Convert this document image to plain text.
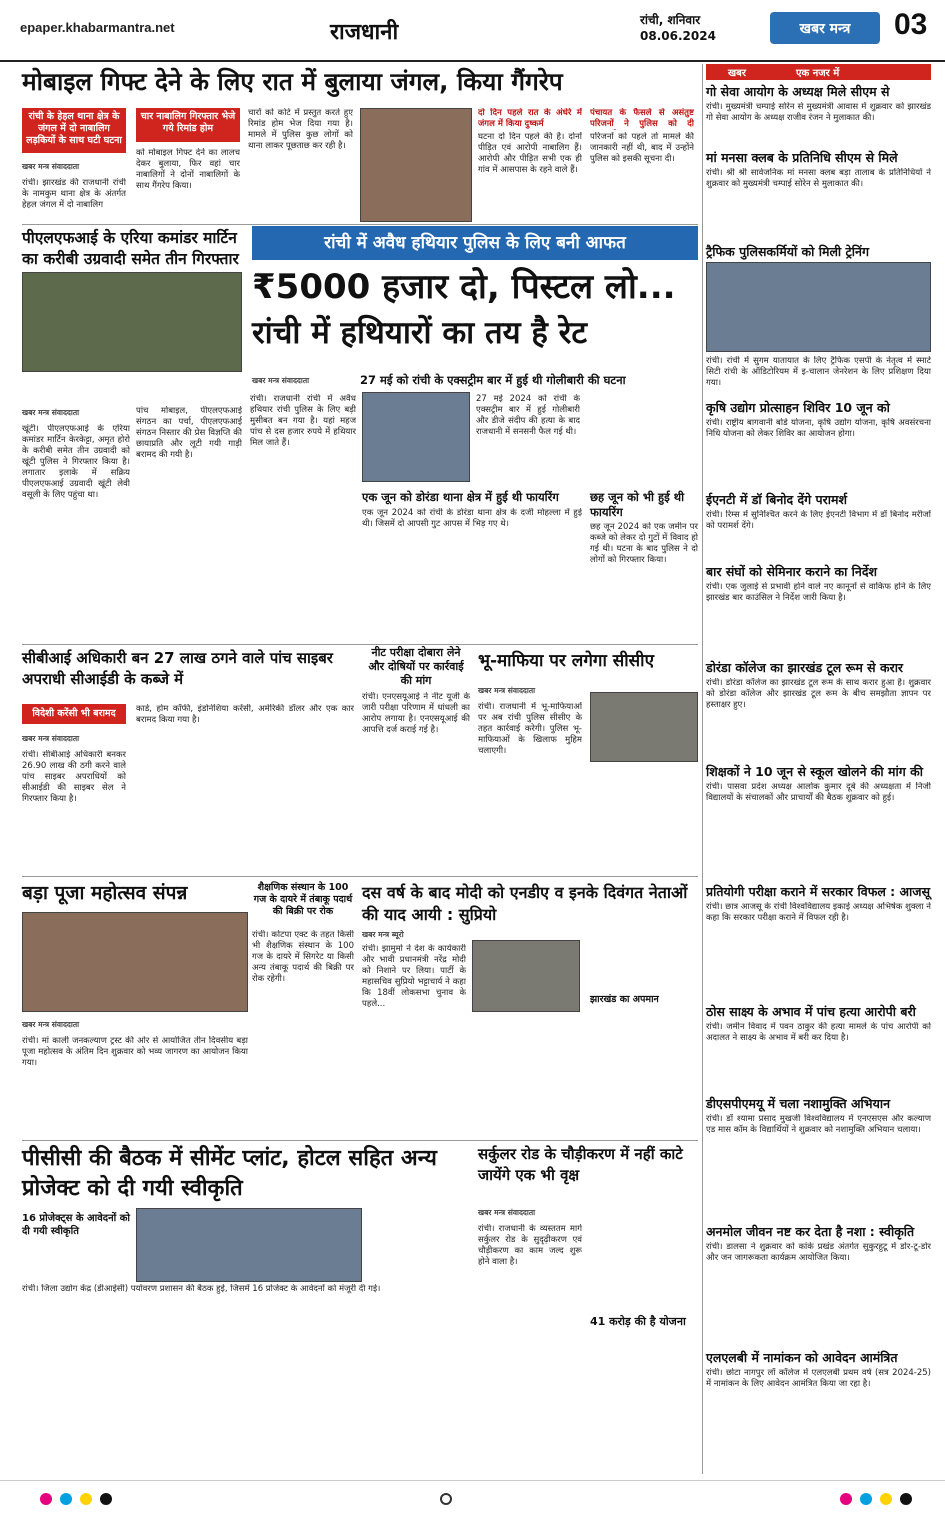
epaper.khabarmantra.net	राजधानी	रांची, शनिवार
08.06.2024	खबर मन्त्र 03
मोबाइल गिफ्ट देने के लिए रात में बुलाया जंगल, किया गैंगरेप
रांची के हेहल थाना क्षेत्र के जंगल में दो नाबालिग लड़कियों के साथ घटी घटना
चार नाबालिग गिरफ्तार भेजे गये रिमांड होम
खबर मन्त्र संवाददाता
रांची। झारखंड की राजधानी रांची के नामकुम थाना क्षेत्र के अंतर्गत हेहल जंगल में दो नाबालिग
को मोबाइल गिफ्ट देने का लालच देकर बुलाया, फिर वहां चार नाबालिगों ने दोनों नाबालिगों के साथ गैंगरेप किया।
चारों को कोर्ट में प्रस्तुत करते हुए रिमांड होम भेज दिया गया है। मामले में पुलिस कुछ लोगों को थाना लाकर पूछताछ कर रही है।
दो दिन पहले रात के अंधेरे में जंगल में किया दुष्कर्म
घटना दो दिन पहले की है। दोनों पीड़ित एवं आरोपी नाबालिग हैं। आरोपी और पीड़ित सभी एक ही गांव में आसपास के रहने वाले हैं।
पंचायत के फैसले से असंतुष्ट परिजनों ने पुलिस को दी
परिजनों को पहले तो मामले की जानकारी नहीं थी, बाद में उन्होंने पुलिस को इसकी सूचना दी।
पीएलएफआई के एरिया कमांडर मार्टिन का करीबी उग्रवादी समेत तीन गिरफ्तार
खबर मन्त्र संवाददाता
खूंटी। पीएलएफआई के एरिया कमांडर मार्टिन केरकेट्टा, अमृत होरो के करीबी समेत तीन उग्रवादी को खूंटी पुलिस ने गिरफ्तार किया है। लगातार इलाके में सक्रिय पीएलएफआई उग्रवादी खूंटी लेवी वसूली के लिए पहुंचा था।
पांच मोबाइल, पीएलएफआई संगठन का पर्चा, पीएलएफआई संगठन निस्तार की प्रेस विज्ञप्ति की छायाप्रति और लूटी गयी गाड़ी बरामद की गयी है।
रांची में अवैध हथियार पुलिस के लिए बनी आफत
₹5000 हजार दो, पिस्टल लो...
रांची में हथियारों का तय है रेट
खबर मन्त्र संवाददाता	27 मई को रांची के एक्सट्रीम बार में हुई थी गोलीबारी की घटना
रांची। राजधानी रांची में अवैध हथियार रांची पुलिस के लिए बड़ी मुसीबत बन गया है। यहां महज पांच से दस हजार रुपये में हथियार मिल जाते हैं।
27 मई 2024 को रांची के एक्सट्रीम बार में हुई गोलीबारी और डीजे संदीप की हत्या के बाद राजधानी में सनसनी फैल गई थी।
एक जून को डोरंडा थाना क्षेत्र में हुई थी फायरिंग
एक जून 2024 को रांची के डोरंडा थाना क्षेत्र के दर्जी मोहल्ला में हुई थी। जिसमें दो आपसी गुट आपस में भिड़ गए थे।
छह जून को भी हुई थी फायरिंग
छह जून 2024 को एक जमीन पर कब्जे को लेकर दो गुटों में विवाद हो गई थी। घटना के बाद पुलिस ने दो लोगों को गिरफ्तार किया।
सीबीआई अधिकारी बन 27 लाख ठगने वाले पांच साइबर अपराधी सीआईडी के कब्जे में
विदेशी करेंसी भी बरामद
खबर मन्त्र संवाददाता
रांची। सीबीआई अधिकारी बनकर 26.90 लाख की ठगी करने वाले पांच साइबर अपराधियों को सीआईडी की साइबर सेल ने गिरफ्तार किया है।
कार्ड, होम कॉफी, इंडोनेशिया करेंसी, अमेरिकी डॉलर और एक कार बरामद किया गया है।
नीट परीक्षा दोबारा लेने और दोषियों पर कार्रवाई की मांग
रांची। एनएसयूआई ने नीट यूजी के जारी परीक्षा परिणाम में धांधली का आरोप लगाया है। एनएसयूआई की आपत्ति दर्ज कराई गई है।
भू-माफिया पर लगेगा सीसीए
खबर मन्त्र संवाददाता
रांची। राजधानी में भू-माफियाओं पर अब रांची पुलिस सीसीए के तहत कार्रवाई करेगी। पुलिस भू-माफियाओं के खिलाफ मुहिम चलाएगी।
बड़ा पूजा महोत्सव संपन्न
खबर मन्त्र संवाददाता
रांची। मां काली जनकल्याण ट्रस्ट की ओर से आयोजित तीन दिवसीय बड़ा पूजा महोत्सव के अंतिम दिन शुक्रवार को भव्य जागरण का आयोजन किया गया।
शैक्षणिक संस्थान के 100 गज के दायरे में तंबाकू पदार्थ की बिक्री पर रोक
रांची। कोटपा एक्ट के तहत किसी भी शैक्षणिक संस्थान के 100 गज के दायरे में सिगरेट या किसी अन्य तंबाकू पदार्थ की बिक्री पर रोक रहेगी।
दस वर्ष के बाद मोदी को एनडीए व इनके दिवंगत नेताओं की याद आयी : सुप्रियो
खबर मन्त्र ब्यूरो
रांची। झामुमो ने देश के कार्यकारी और भावी प्रधानमंत्री नरेंद्र मोदी को निशाने पर लिया। पार्टी के महासचिव सुप्रियो भट्टाचार्य ने कहा कि 18वीं लोकसभा चुनाव के पहले...	झारखंड का अपमान
पीसीसी की बैठक में सीमेंट प्लांट, होटल सहित अन्य प्रोजेक्ट को दी गयी स्वीकृति
16 प्रोजेक्ट्स के आवेदनों को दी गयी स्वीकृति
रांची। जिला उद्योग केंद्र (डीआईसी) पर्यावरण प्रशासन की बैठक हुई, जिसमें 16 प्रोजेक्ट के आवेदनों को मंजूरी दी गई।
सर्कुलर रोड के चौड़ीकरण में नहीं काटे जायेंगे एक भी वृक्ष
खबर मन्त्र संवाददाता
रांची। राजधानी के व्यस्ततम मार्ग सर्कुलर रोड के सुदृढ़ीकरण एवं चौड़ीकरण का काम जल्द शुरू होने वाला है।
41 करोड़ की है योजना
खबर	एक नजर में
गो सेवा आयोग के अध्यक्ष मिले सीएम से
रांची। मुख्यमंत्री चम्पाई सोरेन से मुख्यमंत्री आवास में शुक्रवार को झारखंड गो सेवा आयोग के अध्यक्ष राजीव रंजन ने मुलाकात की।
मां मनसा क्लब के प्रतिनिधि सीएम से मिले
रांची। श्री श्री सार्वजनिक मां मनसा क्लब बड़ा तालाब के प्रतिनिधियों ने शुक्रवार को मुख्यमंत्री चम्पाई सोरेन से मुलाकात की।
ट्रैफिक पुलिसकर्मियों को मिली ट्रेनिंग
रांची। रांची में सुगम यातायात के लिए ट्रैफिक एसपी के नेतृत्व में स्मार्ट सिटी रांची के ऑडिटोरियम में इ-चालान जेनरेशन के लिए प्रशिक्षण दिया गया।
कृषि उद्योग प्रोत्साहन शिविर 10 जून को
रांची। राष्ट्रीय बागवानी बोर्ड योजना, कृषि उद्योग योजना, कृषि अवसंरचना निधि योजना को लेकर शिविर का आयोजन होगा।
ईएनटी में डॉ बिनोद देंगे परामर्श
रांची। रिम्स में सुनिश्चित करने के लिए ईएनटी विभाग में डॉ बिनोद मरीजों को परामर्श देंगे।
बार संघों को सेमिनार कराने का निर्देश
रांची। एक जुलाई से प्रभावी होने वाले नए कानूनों से वाकिफ होने के लिए झारखंड बार काउंसिल ने निर्देश जारी किया है।
डोरंडा कॉलेज का झारखंड टूल रूम से करार
रांची। डोरंडा कॉलेज का झारखंड टूल रूम के साथ करार हुआ है। शुक्रवार को डोरंडा कॉलेज और झारखंड टूल रूम के बीच समझौता ज्ञापन पर हस्ताक्षर हुए।
शिक्षकों ने 10 जून से स्कूल खोलने की मांग की
रांची। पासवा प्रदेश अध्यक्ष आलोक कुमार दूबे की अध्यक्षता में निजी विद्यालयों के संचालकों और प्राचार्यों की बैठक शुक्रवार को हुई।
प्रतियोगी परीक्षा कराने में सरकार विफल : आजसू
रांची। छात्र आजसू के रांची विश्वविद्यालय इकाई अध्यक्ष अभिषेक शुक्ला ने कहा कि सरकार परीक्षा कराने में विफल रही है।
ठोस साक्ष्य के अभाव में पांच हत्या आरोपी बरी
रांची। जमीन विवाद में पवन ठाकुर की हत्या मामले के पांच आरोपी को अदालत ने साक्ष्य के अभाव में बरी कर दिया है।
डीएसपीएमयू में चला नशामुक्ति अभियान
रांची। डॉ श्यामा प्रसाद मुखर्जी विश्वविद्यालय में एनएसएस और कल्याण एड मास कॉम के विद्यार्थियों ने शुक्रवार को नशामुक्ति अभियान चलाया।
अनमोल जीवन नष्ट कर देता है नशा : स्वीकृति
रांची। डालसा ने शुक्रवार को कांके प्रखंड अंतर्गत सुकुरहुटू में डोर-टू-डोर और जन जागरूकता कार्यक्रम आयोजित किया।
एलएलबी में नामांकन को आवेदन आमंत्रित
रांची। छोटा नागपुर लॉ कॉलेज में एलएलबी प्रथम वर्ष (सत्र 2024-25) में नामांकन के लिए आवेदन आमंत्रित किया जा रहा है।
